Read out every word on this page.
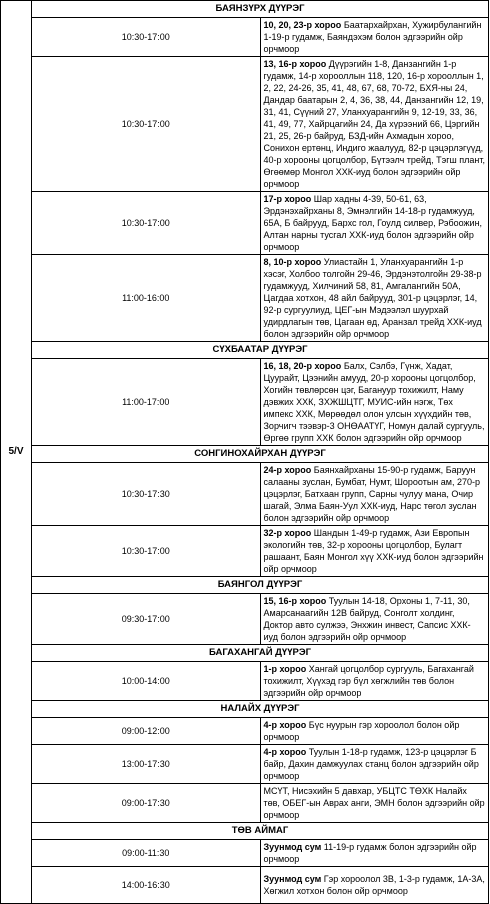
5/V	БАЯНЗҮРХ ДҮҮРЭГ	
	10:30-17:00	10, 20, 23-р хороо Баатархайрхан, Хужирбулангийн 1-19-р гудамж, Баяндэхэм болон эдгээрийн ойр орчмоор
	10:30-17:00	13, 16-р хороо Дүүрэгийн 1-8, Данзангийн 1-р гудамж, 14-р хорооллын 118, 120, 16-р хорооллын 1, 2, 22, 24-26, 35, 41, 48, 67, 68, 70-72, БХЯ-ны 24, Дандар баатарын 2, 4, 36, 38, 44, Данзангийн 12, 19, 31, 41, Сүүний 27, Уланхуарангийн 9, 12-19, 33, 36, 41, 49, 77, Хайрцагийн 24, Да хүрээний 66, Цэргийн 21, 25, 26-р байруд, БЗД-ийн Ахмадын хороо, Сонихон ертөнц, Индиго жаалууд, 82-р цэцэрлэгүүд, 40-р хорооны цогцолбор, Бүтээлч трейд, Тэгш плант, Өгөөмөр Монгол ХХК-иуд болон эдгээрийн ойр орчмоор
	10:30-17:00	17-р хороо Шар хадны 4-39, 50-61, 63, Эрдэнэхайрханы 8, Эмнэлгийн 14-18-р гудамжууд, 65А, Б байрууд, Бархс гол, Гоулд силвер, Рэбоожин, Алтан нарны тусгал ХХК-иуд болон эдгээрийн ойр орчмоор
	11:00-16:00	8, 10-р хороо Улиастайн 1, Уланхуарангийн 1-р хэсэг, Холбоо толгойн 29-46, Эрдэнэтолгойн 29-38-р гудамжууд, Хилчиний 58, 81, Амгалангийн 50А, Цагдаа хотхон, 48 айл байрууд, 301-р цэцэрлэг, 14, 92-р сургуулиуд, ЦЕГ-ын Мэдээлэл шуурхай удирдлагын төв, Цагаан өд, Аранзал трейд ХХК-иуд болон эдгээрийн ойр орчмоор
	СҮХБААТАР ДҮҮРЭГ	
	11:00-17:00	16, 18, 20-р хороо Балх, Сэлбэ, Гүнж, Хадат, Цуурайт, Цээнийн амууд, 20-р хорооны цогцолбор, Хогийн төвлөрсөн цэг, Багануур тохижилт, Наму дэвжих ХХК, ЗХЖШЦТГ, МУИС-ийн нэгж, Төх импекс ХХК, Мөрөөдөл олон улсын хүүхдийн төв, Зорчигч тээвэр-3 ОНӨААТҮГ, Номун далай сургууль, Өргөө групп ХХК болон эдгээрийн ойр орчмоор
	СОНГИНОХАЙРХАН ДҮҮРЭГ	
	10:30-17:30	24-р хороо Баянхайрханы 15-90-р гудамж, Баруун салааны зуслан, Бумбат, Нумт, Шороотын ам, 270-р цэцэрлэг, Батхаан групп, Сарны чулуу мана, Очир шагай, Элма Баян-Уул ХХК-иуд, Нарс төгол зуслан болон эдгээрийн ойр орчмоор
	10:30-17:00	32-р хороо Шандын 1-49-р гудамж, Ази Европын экологийн төв, 32-р хорооны цогцолбор, Булагт рашаант, Баян Монгол хүү ХХК-иуд болон эдгээрийн ойр орчмоор
	БАЯНГОЛ ДҮҮРЭГ	
	09:30-17:00	15, 16-р хороо Туулын 14-18, Орхоны 1, 7-11, 30, Амарсанаагийн 12В байруд, Сонголт холдинг, Доктор авто сулжээ, Энхжин инвест, Сапсис ХХК-иуд болон эдгээрийн ойр орчмоор
	БАГАХАНГАЙ ДҮҮРЭГ	
	10:00-14:00	1-р хороо Хангай цогцолбор сургууль, Багахангай тохижилт, Хүүхэд гэр бүл хөгжлийн төв болон эдгээрийн ойр орчмоор
	НАЛАЙХ ДҮҮРЭГ	
	09:00-12:00	4-р хороо Бүс нуурын гэр хороолол болон ойр орчмоор
	13:00-17:30	4-р хороо Туулын 1-18-р гудамж, 123-р цэцэрлэг Б байр, Дахин дамжуулах станц болон эдгээрийн ойр орчмоор
	09:00-17:30	МСҮТ, Нисэхийн 5 давхар, УБЦТС ТӨХК Налайх төв, ОБЕГ-ын Аврах анги, ЭМН болон эдгээрийн ойр орчмоор
	ТӨВ АЙМАГ	
	09:00-11:30	Зуунмод сум 11-19-р гудамж болон эдгээрийн ойр орчмоор
	14:00-16:30	Зуунмод сум Гэр хороолол 3В, 1-3-р гудамж, 1А-3А, Хөгжил хотхон болон ойр орчмоор
